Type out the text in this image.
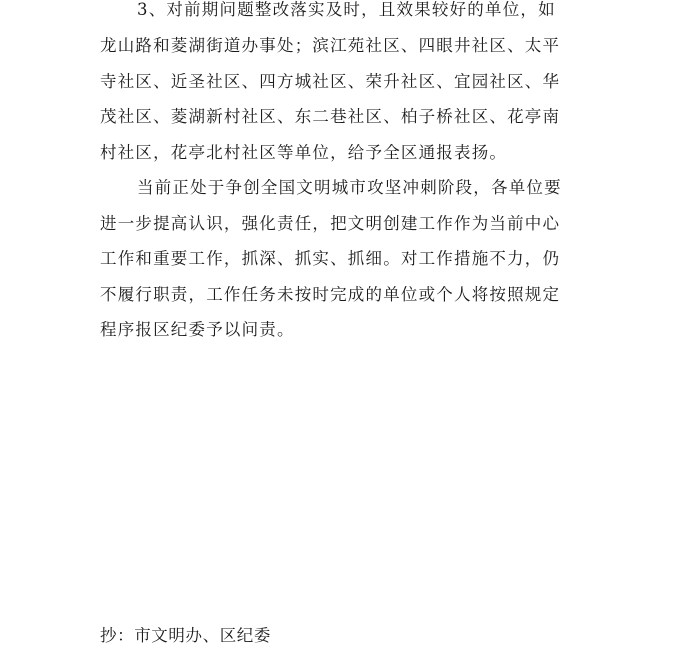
3、对前期问题整改落实及时，且效果较好的单位，如
龙山路和菱湖街道办事处；滨江苑社区、四眼井社区、太平
寺社区、近圣社区、四方城社区、荣升社区、宜园社区、华
茂社区、菱湖新村社区、东二巷社区、柏子桥社区、花亭南
村社区，花亭北村社区等单位，给予全区通报表扬。
当前正处于争创全国文明城市攻坚冲刺阶段，各单位要
进一步提高认识，强化责任，把文明创建工作作为当前中心
工作和重要工作，抓深、抓实、抓细。对工作措施不力，仍
不履行职责，工作任务未按时完成的单位或个人将按照规定
程序报区纪委予以问责。
抄：市文明办、区纪委
